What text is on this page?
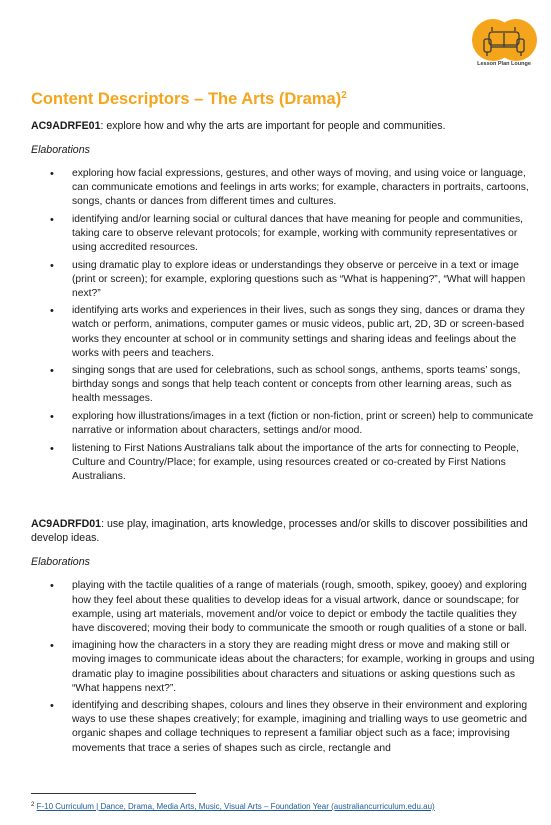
Lesson Plan Lounge
Content Descriptors – The Arts (Drama)$^2$

AC9ADRFE01: explore how and why the arts are important for people and communities.

Elaborations

• exploring how facial expressions, gestures, and other ways of moving, and using voice or language, can communicate emotions and feelings in arts works; for example, characters in portraits, cartoons, songs, chants or dances from different times and cultures.
• identifying and/or learning social or cultural dances that have meaning for people and communities, taking care to observe relevant protocols; for example, working with community representatives or using accredited resources.
• using dramatic play to explore ideas or understandings they observe or perceive in a text or image (print or screen); for example, exploring questions such as “What is happening?”, “What will happen next?”
• identifying arts works and experiences in their lives, such as songs they sing, dances or drama they watch or perform, animations, computer games or music videos, public art, 2D, 3D or screen-based works they encounter at school or in community settings and sharing ideas and feelings about the works with peers and teachers.
• singing songs that are used for celebrations, such as school songs, anthems, sports teams’ songs, birthday songs and songs that help teach content or concepts from other learning areas, such as health messages.
• exploring how illustrations/images in a text (fiction or non-fiction, print or screen) help to communicate narrative or information about characters, settings and/or mood.
• listening to First Nations Australians talk about the importance of the arts for connecting to People, Culture and Country/Place; for example, using resources created or co-created by First Nations Australians.

AC9ADRFD01: use play, imagination, arts knowledge, processes and/or skills to discover possibilities and develop ideas.

Elaborations

• playing with the tactile qualities of a range of materials (rough, smooth, spikey, gooey) and exploring how they feel about these qualities to develop ideas for a visual artwork, dance or soundscape; for example, using art materials, movement and/or voice to depict or embody the tactile qualities they have discovered; moving their body to communicate the smooth or rough qualities of a stone or ball.
• imagining how the characters in a story they are reading might dress or move and making still or moving images to communicate ideas about the characters; for example, working in groups and using dramatic play to imagine possibilities about characters and situations or asking questions such as “What happens next?”.
• identifying and describing shapes, colours and lines they observe in their environment and exploring ways to use these shapes creatively; for example, imagining and trialling ways to use geometric and organic shapes and collage techniques to represent a familiar object such as a face; improvising movements that trace a series of shapes such as circle, rectangle and
$^2$ F-10 Curriculum | Dance, Drama, Media Arts, Music, Visual Arts – Foundation Year (australiancurriculum.edu.au)
